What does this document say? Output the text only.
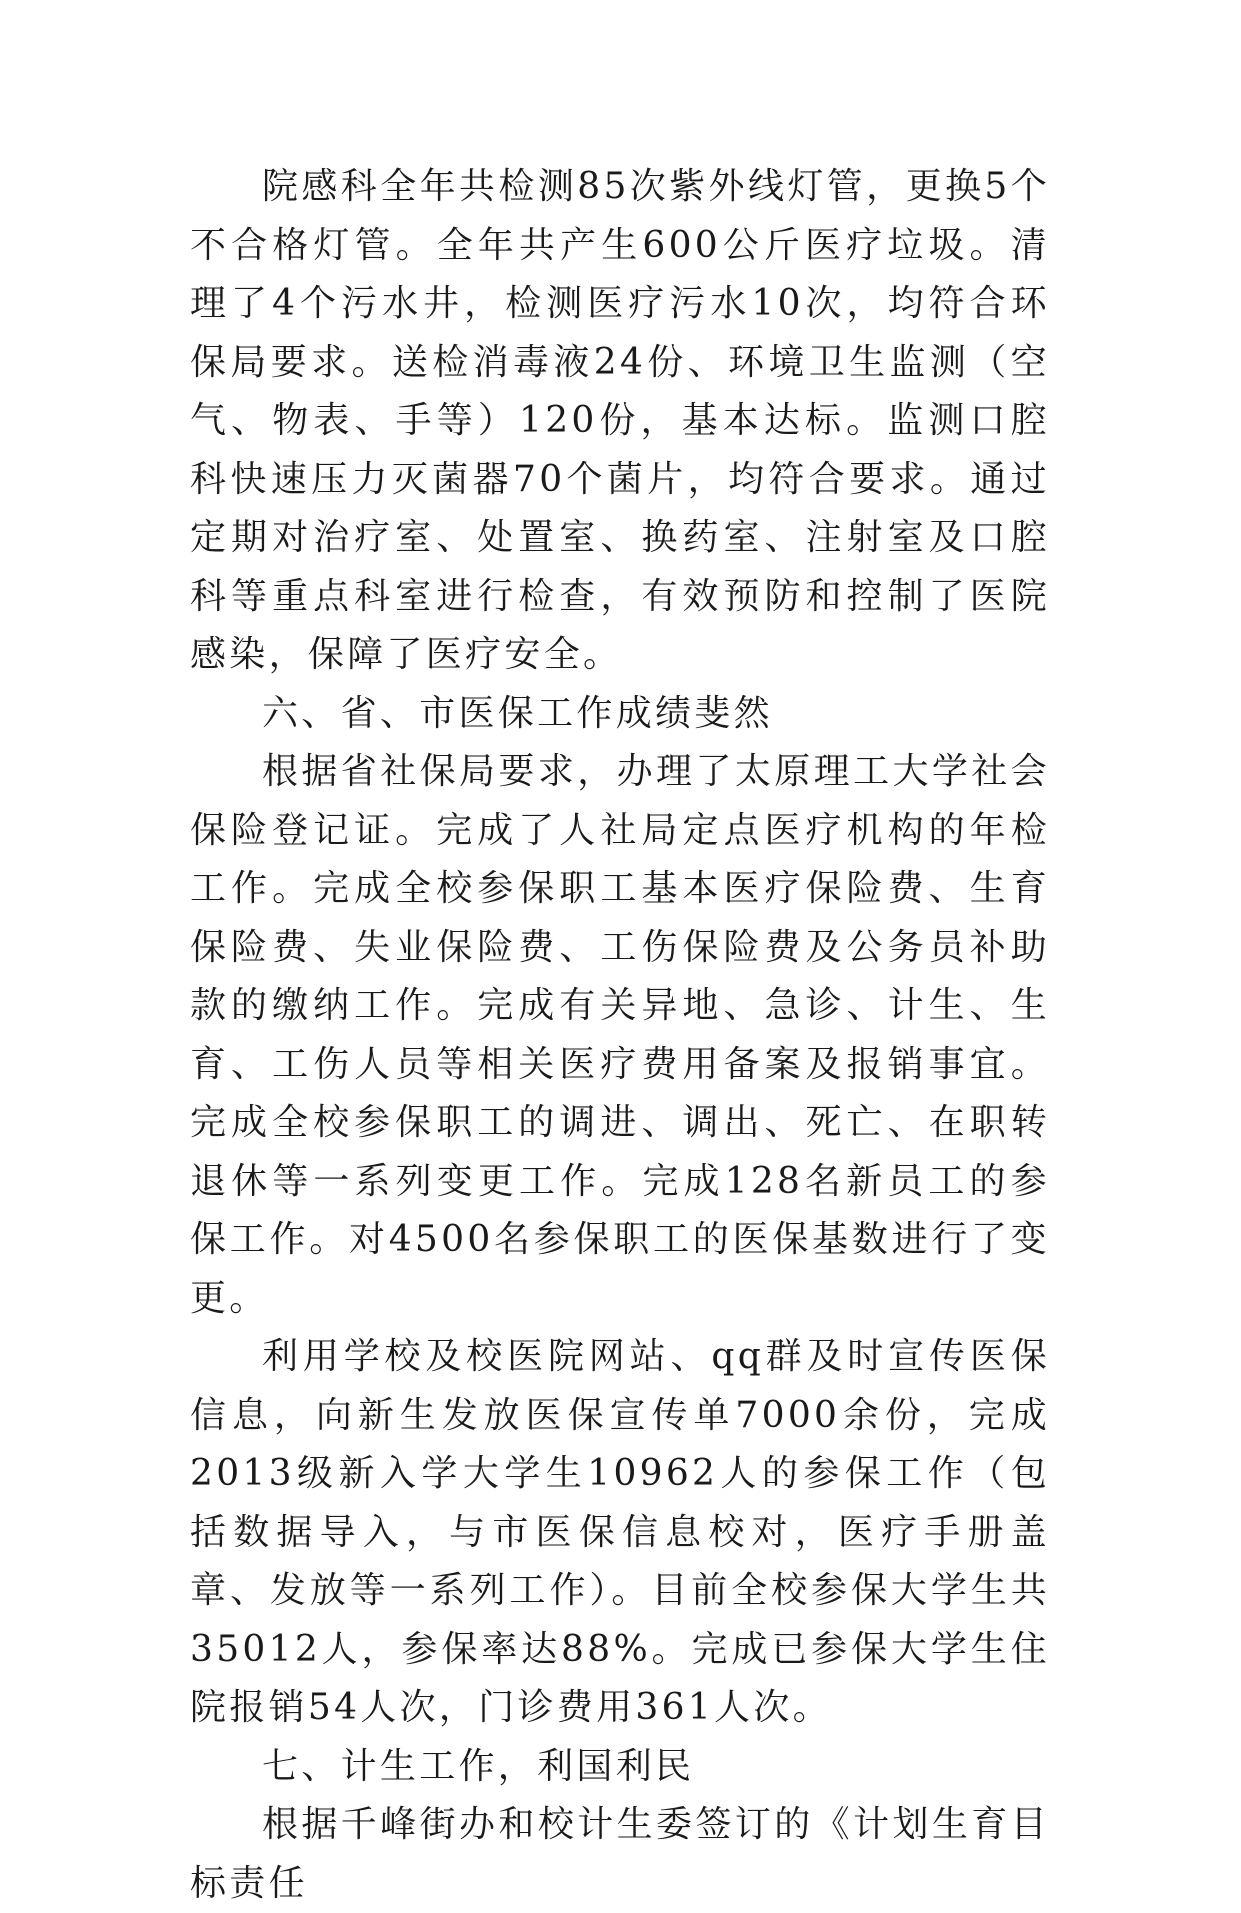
院感科全年共检测85次紫外线灯管，更换5个不合格灯管。全年共产生600公斤医疗垃圾。清理了4个污水井，检测医疗污水10次，均符合环保局要求。送检消毒液24份、环境卫生监测（空气、物表、手等）120份，基本达标。监测口腔科快速压力灭菌器70个菌片，均符合要求。通过定期对治疗室、处置室、换药室、注射室及口腔科等重点科室进行检查，有效预防和控制了医院感染，保障了医疗安全。

六、省、市医保工作成绩斐然

根据省社保局要求，办理了太原理工大学社会保险登记证。完成了人社局定点医疗机构的年检工作。完成全校参保职工基本医疗保险费、生育保险费、失业保险费、工伤保险费及公务员补助款的缴纳工作。完成有关异地、急诊、计生、生育、工伤人员等相关医疗费用备案及报销事宜。完成全校参保职工的调进、调出、死亡、在职转退休等一系列变更工作。完成128名新员工的参保工作。对4500名参保职工的医保基数进行了变更。

利用学校及校医院网站、qq群及时宣传医保信息，向新生发放医保宣传单7000余份，完成2013级新入学大学生10962人的参保工作（包括数据导入，与市医保信息校对，医疗手册盖章、发放等一系列工作）。目前全校参保大学生共35012人，参保率达88%。完成已参保大学生住院报销54人次，门诊费用361人次。

七、计生工作，利国利民

根据千峰街办和校计生委签订的《计划生育目标责任
